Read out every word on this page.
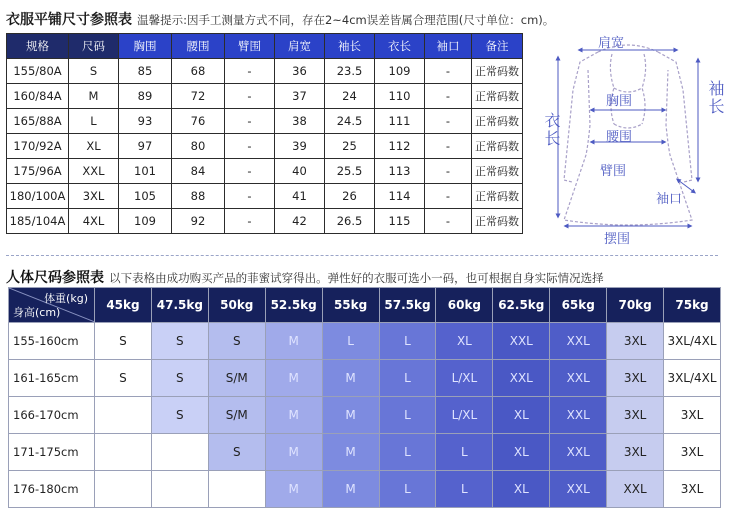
衣服平铺尺寸参照表 温馨提示:因手工测量方式不同，存在2~4cm误差皆属合理范围(尺寸单位：cm)。
规格	尺码	胸围	腰围	臂围	肩宽	袖长	衣长	袖口	备注
155/80A	S	85	68	-	36	23.5	109	-	正常码数
160/84A	M	89	72	-	37	24	110	-	正常码数
165/88A	L	93	76	-	38	24.5	111	-	正常码数
170/92A	XL	97	80	-	39	25	112	-	正常码数
175/96A	XXL	101	84	-	40	25.5	113	-	正常码数
180/100A	3XL	105	88	-	41	26	114	-	正常码数
185/104A	4XL	109	92	-	42	26.5	115	-	正常码数
肩宽
胸围
腰围
臂围
袖口
摆围
衣长
袖长
人体尺码参照表 以下表格由成功购买产品的菲蜜试穿得出。弹性好的衣服可选小一码，也可根据自身实际情况选择
体重(kg)
身高(cm)	45kg	47.5kg	50kg	52.5kg	55kg	57.5kg	60kg	62.5kg	65kg	70kg	75kg
155-160cm	S	S	S	M	L	L	XL	XXL	XXL	3XL	3XL/4XL
161-165cm	S	S	S/M	M	M	L	L/XL	XXL	XXL	3XL	3XL/4XL
166-170cm		S	S/M	M	M	L	L/XL	XL	XXL	3XL	3XL
171-175cm			S	M	M	L	L	XL	XXL	3XL	3XL
176-180cm				M	M	L	L	XL	XXL	XXL	3XL
